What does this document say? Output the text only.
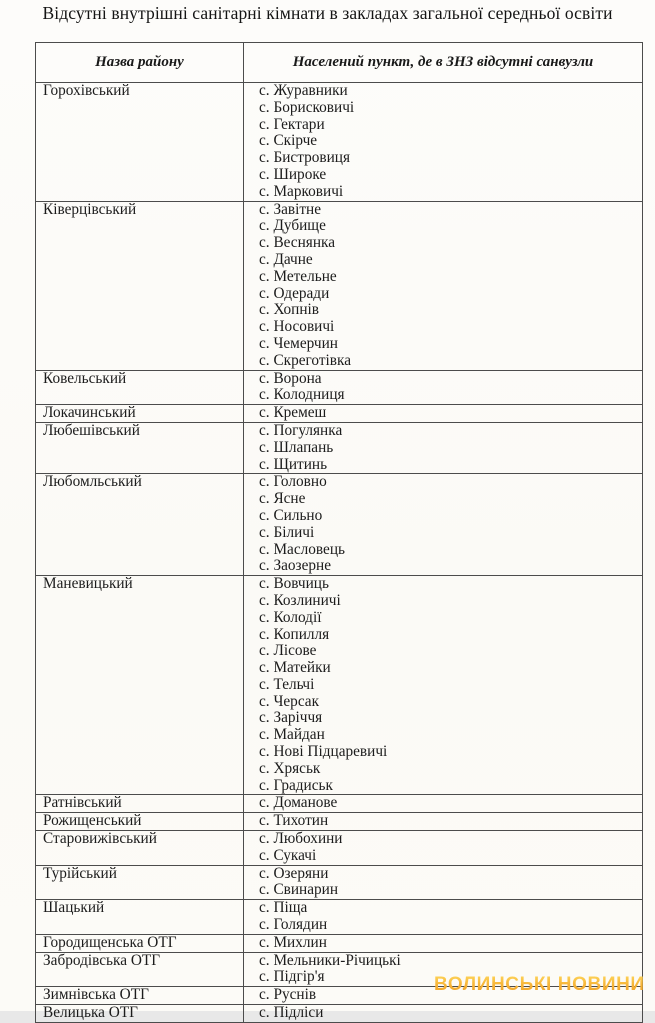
Відсутні внутрішні санітарні кімнати в закладах загальної середньої освіти
Назва району	Населений пункт, де в ЗНЗ відсутні санвузли
Горохівський	с. Журавники
с. Борисковичі
с. Гектари
с. Скірче
с. Бистровиця
с. Широке
с. Марковичі

Ківерцівський	с. Завітне
с. Дубище
с. Веснянка
с. Дачне
с. Метельне
с. Одеради
с. Хопнів
с. Носовичі
с. Чемерчин
с. Скреготівка

Ковельський	с. Ворона
с. Колодниця

Локачинський	с. Кремеш

Любешівський	с. Погулянка
с. Шлапань
с. Щитинь

Любомльський	с. Головно
с. Ясне
с. Сильно
с. Біличі
с. Масловець
с. Заозерне

Маневицький	с. Вовчиць
с. Козлиничі
с. Колодії
с. Копилля
с. Лісове
с. Матейки
с. Тельчі
с. Черсак
с. Заріччя
с. Майдан
с. Нові Підцаревичі
с. Хряськ
с. Градиськ

Ратнівський	с. Доманове

Рожищенський	с. Тихотин

Старовижівський	с. Любохини
с. Сукачі

Турійський	с. Озеряни
с. Свинарин

Шацький	с. Піща
с. Голядин

Городищенська ОТГ	с. Михлин

Забродівська ОТГ	с. Мельники-Річицькі
с. Підгір'я

Зимнівська ОТГ	с. Руснів

Велицька ОТГ	с. Підліси
ВОЛИНСЬКІ НОВИНИ
